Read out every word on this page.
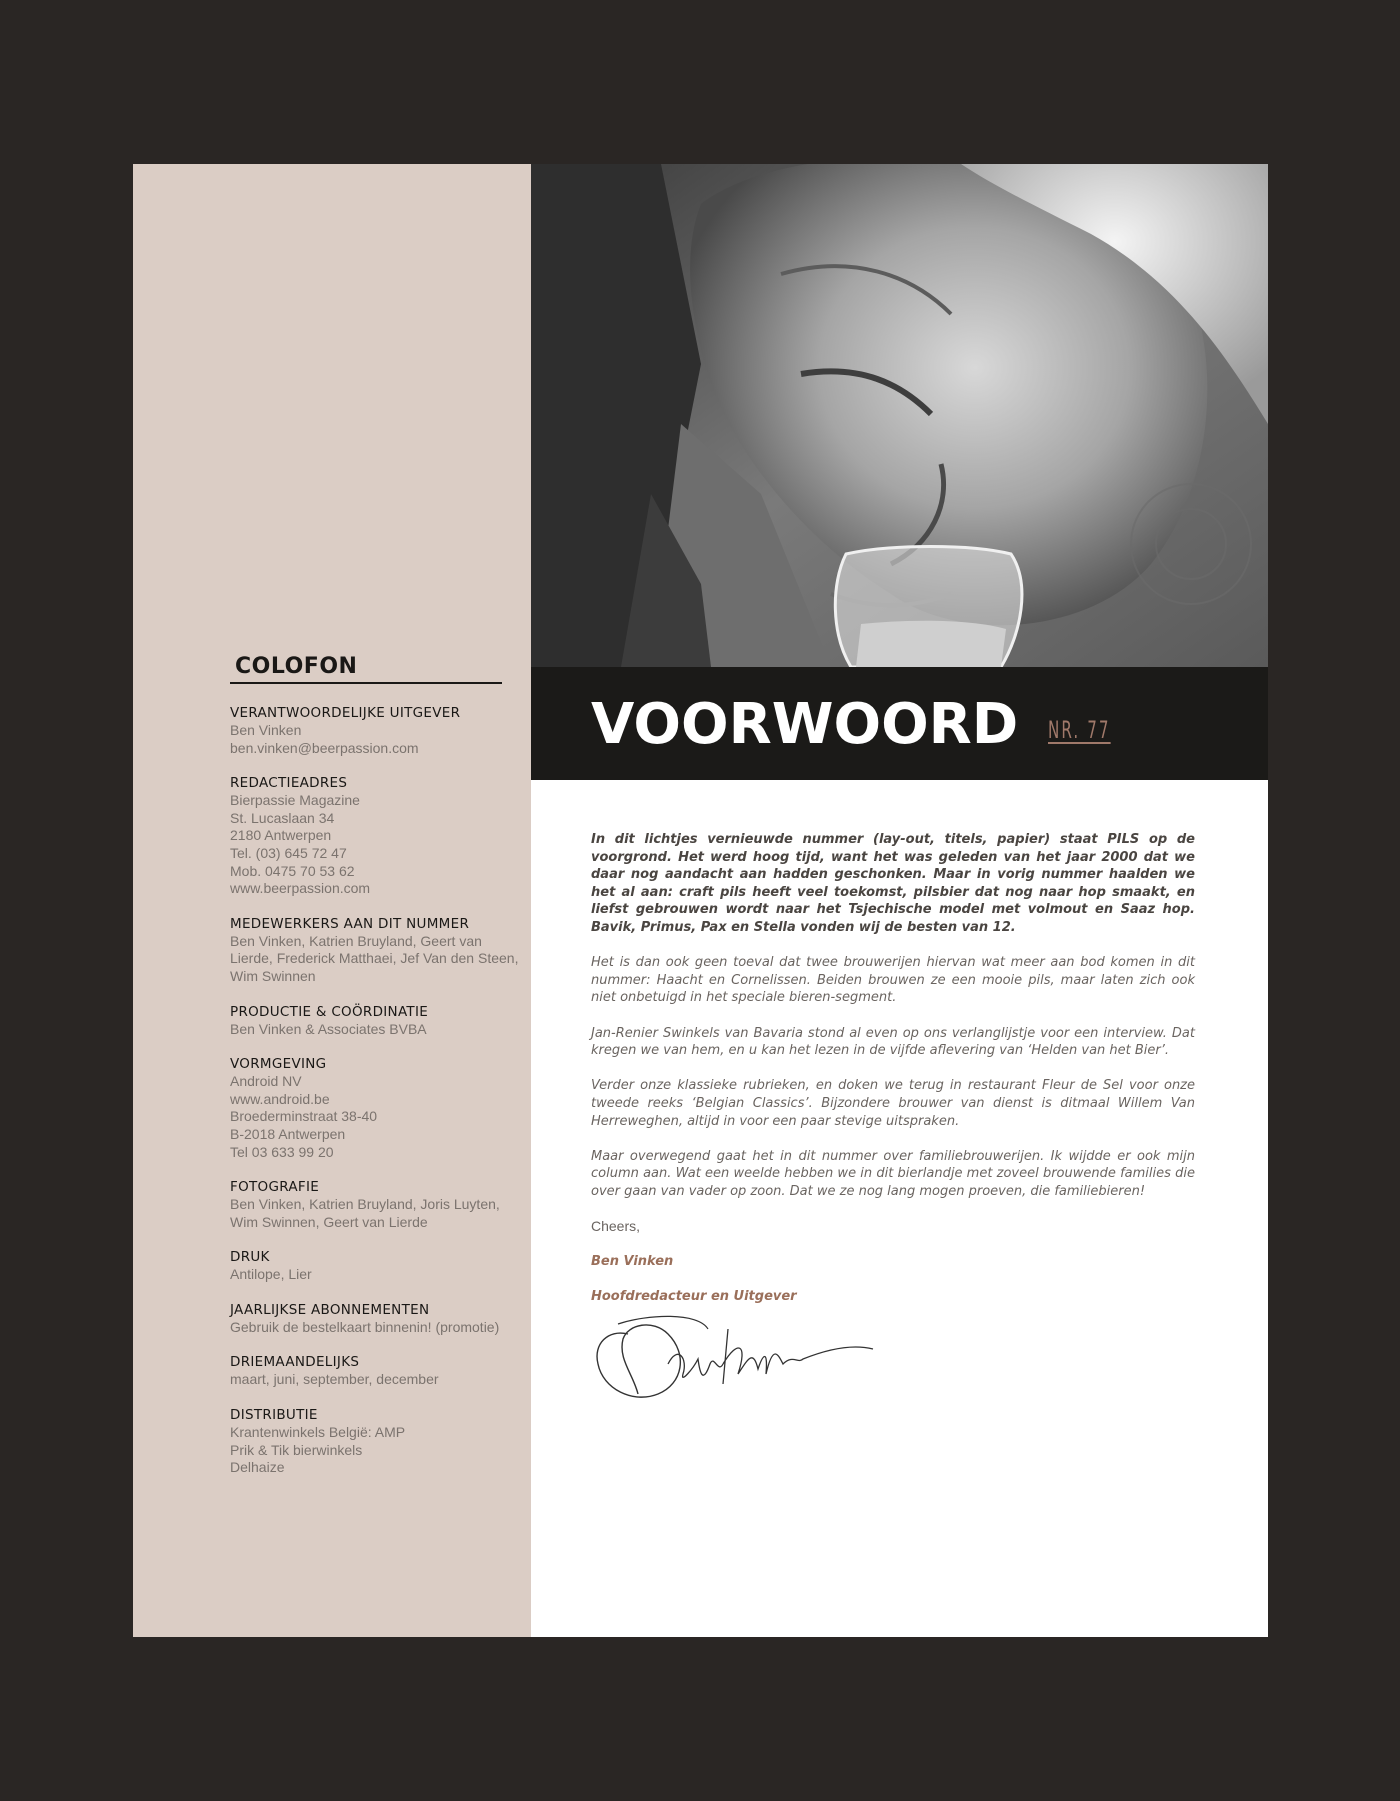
COLOFON
VERANTWOORDELIJKE UITGEVER
Ben Vinken
ben.vinken@beerpassion.com
REDACTIEADRES
Bierpassie Magazine
St. Lucaslaan 34
2180 Antwerpen
Tel. (03) 645 72 47
Mob. 0475 70 53 62
www.beerpassion.com
MEDEWERKERS AAN DIT NUMMER
Ben Vinken, Katrien Bruyland, Geert van
Lierde, Frederick Matthaei, Jef Van den Steen,
Wim Swinnen
PRODUCTIE & COÖRDINATIE
Ben Vinken & Associates BVBA
VORMGEVING
Android NV
www.android.be
Broederminstraat 38-40
B-2018 Antwerpen
Tel 03 633 99 20
FOTOGRAFIE
Ben Vinken, Katrien Bruyland, Joris Luyten,
Wim Swinnen, Geert van Lierde
DRUK
Antilope, Lier
JAARLIJKSE ABONNEMENTEN
Gebruik de bestelkaart binnenin! (promotie)
DRIEMAANDELIJKS
maart, juni, september, december
DISTRIBUTIE
Krantenwinkels België: AMP
Prik & Tik bierwinkels
Delhaize
VOORWOORD NR. 77

In dit lichtjes vernieuwde nummer (lay-out, titels, papier) staat PILS op de voorgrond. Het werd hoog tijd, want het was geleden van het jaar 2000 dat we daar nog aandacht aan hadden geschonken. Maar in vorig nummer haalden we het al aan: craft pils heeft veel toekomst, pilsbier dat nog naar hop smaakt, en liefst gebrouwen wordt naar het Tsjechische model met volmout en Saaz hop. Bavik, Primus, Pax en Stella vonden wij de besten van 12.

Het is dan ook geen toeval dat twee brouwerijen hiervan wat meer aan bod komen in dit nummer: Haacht en Cornelissen. Beiden brouwen ze een mooie pils, maar laten zich ook niet onbetuigd in het speciale bieren-segment.

Jan-Renier Swinkels van Bavaria stond al even op ons verlanglijstje voor een interview. Dat kregen we van hem, en u kan het lezen in de vijfde aflevering van ‘Helden van het Bier’.

Verder onze klassieke rubrieken, en doken we terug in restaurant Fleur de Sel voor onze tweede reeks ‘Belgian Classics’. Bijzondere brouwer van dienst is ditmaal Willem Van Herreweghen, altijd in voor een paar stevige uitspraken.

Maar overwegend gaat het in dit nummer over familiebrouwerijen. Ik wijdde er ook mijn column aan. Wat een weelde hebben we in dit bierlandje met zoveel brouwende families die over gaan van vader op zoon. Dat we ze nog lang mogen proeven, die familiebieren!

Cheers,

Ben Vinken

Hoofdredacteur en Uitgever
